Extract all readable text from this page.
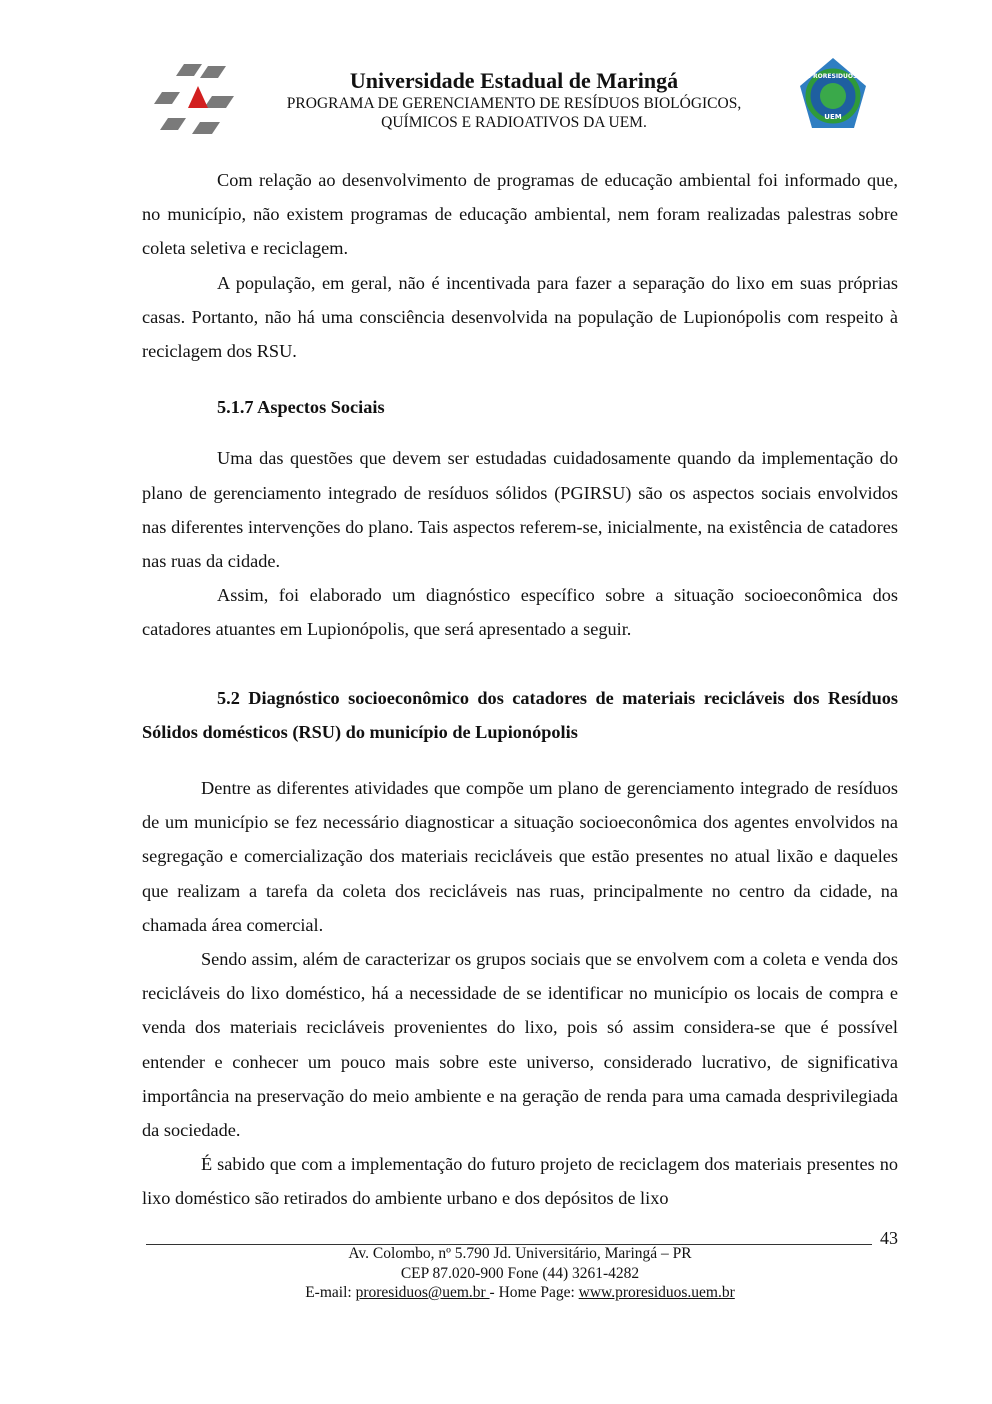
Universidade Estadual de Maringá
PROGRAMA DE GERENCIAMENTO DE RESÍDUOS BIOLÓGICOS,
QUÍMICOS E RADIOATIVOS DA UEM.
PRORESIDUOS
UEM

Com relação ao desenvolvimento de programas de educação ambiental foi informado que, no município, não existem programas de educação ambiental, nem foram realizadas palestras sobre coleta seletiva e reciclagem.

A população, em geral, não é incentivada para fazer a separação do lixo em suas próprias casas. Portanto, não há uma consciência desenvolvida na população de Lupionópolis com respeito à reciclagem dos RSU.

5.1.7 Aspectos Sociais

Uma das questões que devem ser estudadas cuidadosamente quando da implementação do plano de gerenciamento integrado de resíduos sólidos (PGIRSU) são os aspectos sociais envolvidos nas diferentes intervenções do plano. Tais aspectos referem-se, inicialmente, na existência de catadores nas ruas da cidade.

Assim, foi elaborado um diagnóstico específico sobre a situação socioeconômica dos catadores atuantes em Lupionópolis, que será apresentado a seguir.

5.2 Diagnóstico socioeconômico dos catadores de materiais recicláveis dos Resíduos Sólidos domésticos (RSU) do município de Lupionópolis

Dentre as diferentes atividades que compõe um plano de gerenciamento integrado de resíduos de um município se fez necessário diagnosticar a situação socioeconômica dos agentes envolvidos na segregação e comercialização dos materiais recicláveis que estão presentes no atual lixão e daqueles que realizam a tarefa da coleta dos recicláveis nas ruas, principalmente no centro da cidade, na chamada área comercial.

Sendo assim, além de caracterizar os grupos sociais que se envolvem com a coleta e venda dos recicláveis do lixo doméstico, há a necessidade de se identificar no município os locais de compra e venda dos materiais recicláveis provenientes do lixo, pois só assim considera-se que é possível entender e conhecer um pouco mais sobre este universo, considerado lucrativo, de significativa importância na preservação do meio ambiente e na geração de renda para uma camada desprivilegiada da sociedade.

É sabido que com a implementação do futuro projeto de reciclagem dos materiais presentes no lixo doméstico são retirados do ambiente urbano e dos depósitos de lixo

43
Av. Colombo, nº 5.790 Jd. Universitário, Maringá – PR
CEP 87.020-900 Fone (44) 3261-4282
E-mail: proresiduos@uem.br - Home Page: www.proresiduos.uem.br
